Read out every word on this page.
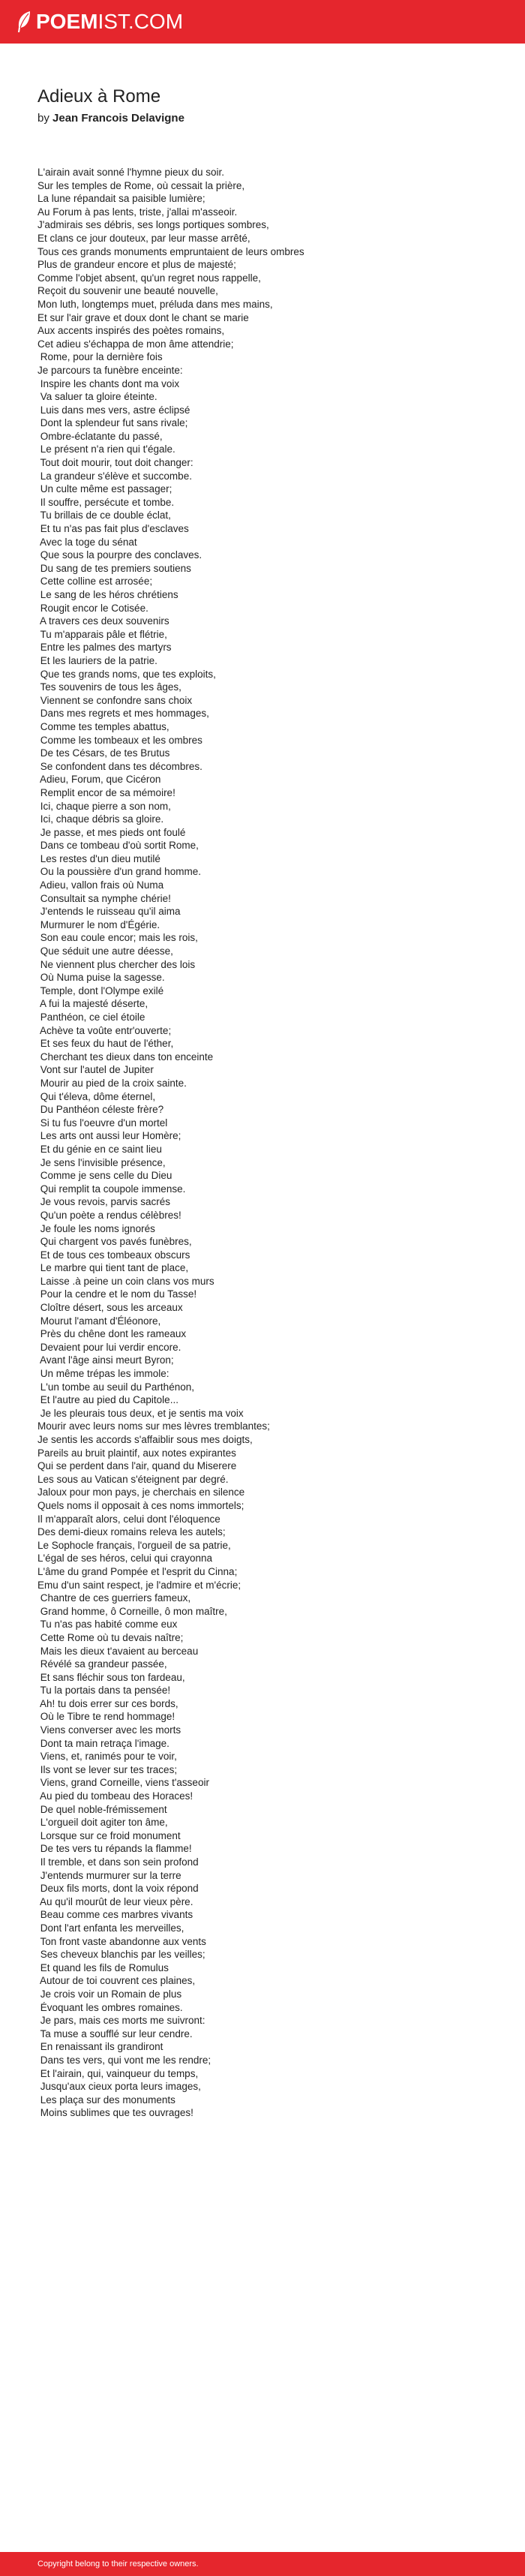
POEMIST.COM
Adieux à Rome
by Jean Francois Delavigne
L'airain avait sonné l'hymne pieux du soir.
Sur les temples de Rome, où cessait la prière,
La lune répandait sa paisible lumière;
Au Forum à pas lents, triste, j'allai m'asseoir.
J'admirais ses débris, ses longs portiques sombres,
Et clans ce jour douteux, par leur masse arrêté,
Tous ces grands monuments empruntaient de leurs ombres
Plus de grandeur encore et plus de majesté;
Comme l'objet absent, qu'un regret nous rappelle,
Reçoit du souvenir une beauté nouvelle,
Mon luth, longtemps muet, préluda dans mes mains,
Et sur l'air grave et doux dont le chant se marie
Aux accents inspirés des poètes romains,
Cet adieu s'échappa de mon âme attendrie;
Rome, pour la dernière fois
Je parcours ta funèbre enceinte:
Inspire les chants dont ma voix
Va saluer ta gloire éteinte.
Luis dans mes vers, astre éclipsé
Dont la splendeur fut sans rivale;
Ombre-éclatante du passé,
Le présent n'a rien qui t'égale.
Tout doit mourir, tout doit changer:
La grandeur s'élève et succombe.
Un culte même est passager;
Il souffre, persécute et tombe.
Tu brillais de ce double éclat,
Et tu n'as pas fait plus d'esclaves
Avec la toge du sénat
Que sous la pourpre des conclaves.
Du sang de tes premiers soutiens
Cette colline est arrosée;
Le sang de les héros chrétiens
Rougit encor le Cotisée.
A travers ces deux souvenirs
Tu m'apparais pâle et flétrie,
Entre les palmes des martyrs
Et les lauriers de la patrie.
Que tes grands noms, que tes exploits,
Tes souvenirs de tous les âges,
Viennent se confondre sans choix
Dans mes regrets et mes hommages,
Comme tes temples abattus,
Comme les tombeaux et les ombres
De tes Césars, de tes Brutus
Se confondent dans tes décombres.
Adieu, Forum, que Cicéron
Remplit encor de sa mémoire!
Ici, chaque pierre a son nom,
Ici, chaque débris sa gloire.
Je passe, et mes pieds ont foulé
Dans ce tombeau d'où sortit Rome,
Les restes d'un dieu mutilé
Ou la poussière d'un grand homme.
Adieu, vallon frais où Numa
Consultait sa nymphe chérie!
J'entends le ruisseau qu'il aima
Murmurer le nom d'Égérie.
Son eau coule encor; mais les rois,
Que séduit une autre déesse,
Ne viennent plus chercher des lois
Où Numa puise la sagesse.
Temple, dont l'Olympe exilé
A fui la majesté déserte,
Panthéon, ce ciel étoile
Achève ta voûte entr'ouverte;
Et ses feux du haut de l'éther,
Cherchant tes dieux dans ton enceinte
Vont sur l'autel de Jupiter
Mourir au pied de la croix sainte.
Qui t'éleva, dôme éternel,
Du Panthéon céleste frère?
Si tu fus l'oeuvre d'un mortel
Les arts ont aussi leur Homère;
Et du génie en ce saint lieu
Je sens l'invisible présence,
Comme je sens celle du Dieu
Qui remplit ta coupole immense.
Je vous revois, parvis sacrés
Qu'un poète a rendus célèbres!
Je foule les noms ignorés
Qui chargent vos pavés funèbres,
Et de tous ces tombeaux obscurs
Le marbre qui tient tant de place,
Laisse .à peine un coin clans vos murs
Pour la cendre et le nom du Tasse!
Cloître désert, sous les arceaux
Mourut l'amant d'Éléonore,
Près du chêne dont les rameaux
Devaient pour lui verdir encore.
Avant l'âge ainsi meurt Byron;
Un même trépas les immole:
L'un tombe au seuil du Parthénon,
Et l'autre au pied du Capitole...
Je les pleurais tous deux, et je sentis ma voix
Mourir avec leurs noms sur mes lèvres tremblantes;
Je sentis les accords s'affaiblir sous mes doigts,
Pareils au bruit plaintif, aux notes expirantes
Qui se perdent dans l'air, quand du Miserere
Les sous au Vatican s'éteignent par degré.
Jaloux pour mon pays, je cherchais en silence
Quels noms il opposait à ces noms immortels;
Il m'apparaît alors, celui dont l'éloquence
Des demi-dieux romains releva les autels;
Le Sophocle français, l'orgueil de sa patrie,
L'égal de ses héros, celui qui crayonna
L'âme du grand Pompée et l'esprit du Cinna;
Emu d'un saint respect, je l'admire et m'écrie;
Chantre de ces guerriers fameux,
Grand homme, ô Corneille, ô mon maître,
Tu n'as pas habité comme eux
Cette Rome où tu devais naître;
Mais les dieux t'avaient au berceau
Révélé sa grandeur passée,
Et sans fléchir sous ton fardeau,
Tu la portais dans ta pensée!
Ah! tu dois errer sur ces bords,
Où le Tibre te rend hommage!
Viens converser avec les morts
Dont ta main retraça l'image.
Viens, et, ranimés pour te voir,
Ils vont se lever sur tes traces;
Viens, grand Corneille, viens t'asseoir
Au pied du tombeau des Horaces!
De quel noble-frémissement
L'orgueil doit agiter ton âme,
Lorsque sur ce froid monument
De tes vers tu répands la flamme!
Il tremble, et dans son sein profond
J'entends murmurer sur la terre
Deux fils morts, dont la voix répond
Au qu'il mourût de leur vieux père.
Beau comme ces marbres vivants
Dont l'art enfanta les merveilles,
Ton front vaste abandonne aux vents
Ses cheveux blanchis par les veilles;
Et quand les fils de Romulus
Autour de toi couvrent ces plaines,
Je crois voir un Romain de plus
Évoquant les ombres romaines.
Je pars, mais ces morts me suivront:
Ta muse a soufflé sur leur cendre.
En renaissant ils grandiront
Dans tes vers, qui vont me les rendre;
Et l'airain, qui, vainqueur du temps,
Jusqu'aux cieux porta leurs images,
Les plaça sur des monuments
Moins sublimes que tes ouvrages!
Copyright belong to their respective owners.
